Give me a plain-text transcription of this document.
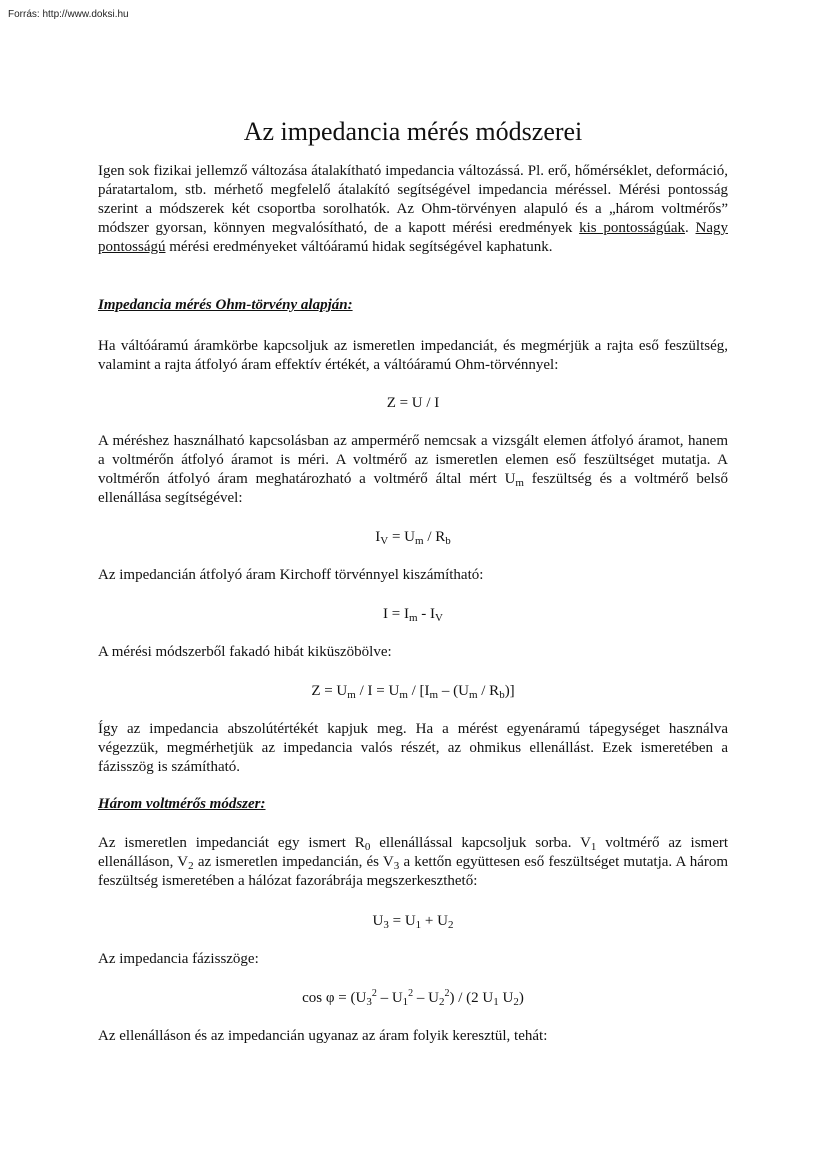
Forrás: http://www.doksi.hu
Az impedancia mérés módszerei

Igen sok fizikai jellemző változása átalakítható impedancia változássá. Pl. erő, hőmérséklet, deformáció, páratartalom, stb. mérhető megfelelő átalakító segítségével impedancia méréssel. Mérési pontosság szerint a módszerek két csoportba sorolhatók. Az Ohm-törvényen alapuló és a „három voltmérős” módszer gyorsan, könnyen megvalósítható, de a kapott mérési eredmények kis pontosságúak. Nagy pontosságú mérési eredményeket váltóáramú hidak segítségével kaphatunk.

Impedancia mérés Ohm-törvény alapján:

Ha váltóáramú áramkörbe kapcsoljuk az ismeretlen impedanciát, és megmérjük a rajta eső feszültség, valamint a rajta átfolyó áram effektív értékét, a váltóáramú Ohm-törvénnyel:

Z = U / I

A méréshez használható kapcsolásban az ampermérő nemcsak a vizsgált elemen átfolyó áramot, hanem a voltmérőn átfolyó áramot is méri. A voltmérő az ismeretlen elemen eső feszültséget mutatja. A voltmérőn átfolyó áram meghatározható a voltmérő által mért $U_m$ feszültség és a voltmérő belső ellenállása segítségével:

$I_V = U_m / R_b$

Az impedancián átfolyó áram Kirchoff törvénnyel kiszámítható:

$I = I_m - I_V$

A mérési módszerből fakadó hibát kiküszöbölve:

$Z = U_m / I = U_m / [I_m - (U_m / R_b)]$

Így az impedancia abszolútértékét kapjuk meg. Ha a mérést egyenáramú tápegységet használva végezzük, megmérhetjük az impedancia valós részét, az ohmikus ellenállást. Ezek ismeretében a fázisszög is számítható.

Három voltmérős módszer:

Az ismeretlen impedanciát egy ismert $R_0$ ellenállással kapcsoljuk sorba. $V_1$ voltmérő az ismert ellenálláson, $V_2$ az ismeretlen impedancián, és $V_3$ a kettőn együttesen eső feszültséget mutatja. A három feszültség ismeretében a hálózat fazorábrája megszerkeszthető:

$U_3 = U_1 + U_2$

Az impedancia fázisszöge:

$\cos \varphi = (U_3^2 - U_1^2 - U_2^2) / (2$ $U_1$ $U_2$)

Az ellenálláson és az impedancián ugyanaz az áram folyik keresztül, tehát:
